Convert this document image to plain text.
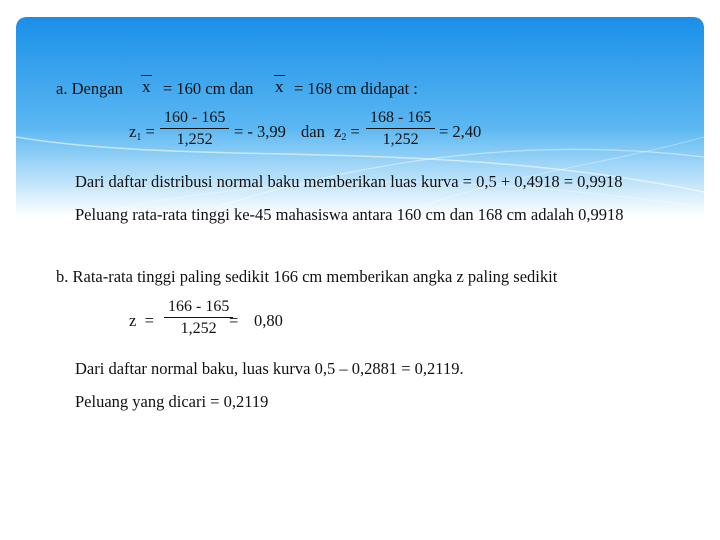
a. Dengan x = 160 cm dan x = 168 cm didapat :
$z_1$ =
160 - 165
1,252 = - 3,99 dan $z_2$ =
168 - 165
1,252 = 2,40
Dari daftar distribusi normal baku memberikan luas kurva = 0,5 + 0,4918 = 0,9918
Peluang rata-rata tinggi ke-45 mahasiswa antara 160 cm dan 168 cm adalah 0,9918
b. Rata-rata tinggi paling sedikit 166 cm memberikan angka z paling sedikit
z =
166 - 165
1,252 = 0,80
Dari daftar normal baku, luas kurva 0,5 – 0,2881 = 0,2119.
Peluang yang dicari = 0,2119
